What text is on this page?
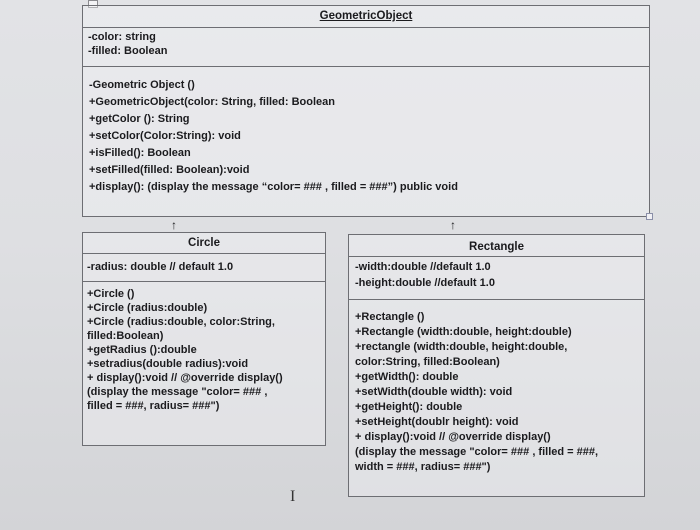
GeometricObject
-color: string
-filled: Boolean
-Geometric Object ()
+GeometricObject(color: String, filled: Boolean
+getColor (): String
+setColor(Color:String): void
+isFilled(): Boolean
+setFilled(filled: Boolean):void
+display(): (display the message “color= ### , filled = ###”) public void
↑	↑
Circle
-radius: double // default 1.0
+Circle ()
+Circle (radius:double)
+Circle (radius:double, color:String,
filled:Boolean)
+getRadius ():double
+setradius(double radius):void
+ display():void // @override display()
(display the message "color= ### ,
filled = ###, radius= ###")
Rectangle
-width:double //default 1.0
-height:double //default 1.0
+Rectangle ()
+Rectangle (width:double, height:double)
+rectangle (width:double, height:double,
color:String, filled:Boolean)
+getWidth(): double
+setWidth(double width): void
+getHeight(): double
+setHeight(doublr height): void
+ display():void // @override display()
(display the message "color= ### , filled = ###,
width = ###, radius= ###")
I
